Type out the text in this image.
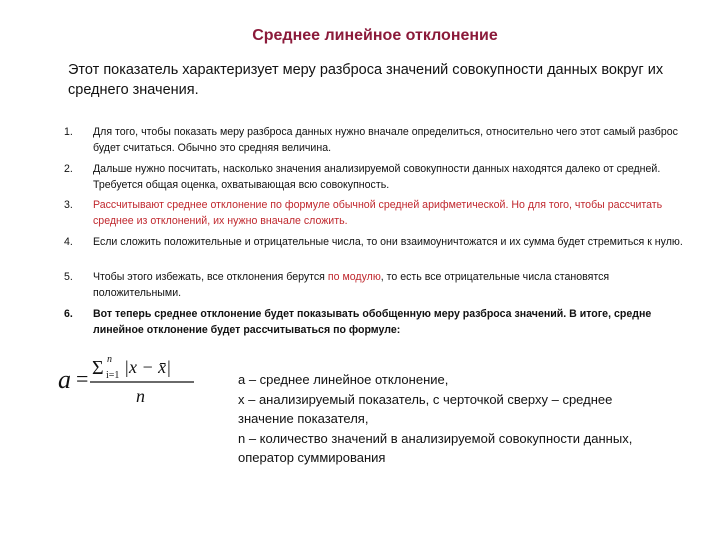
Среднее линейное отклонение
Этот показатель характеризует меру разброса значений совокупности данных вокруг их среднего значения.
1.	Для того, чтобы показать меру разброса данных нужно вначале определиться, относительно чего этот самый разброс будет считаться. Обычно это средняя величина.
2.	Дальше нужно посчитать, насколько значения анализируемой совокупности данных находятся далеко от средней. Требуется общая оценка, охватывающая всю совокупность.
3.	Рассчитывают среднее отклонение по формуле обычной средней арифметической. Но для того, чтобы рассчитать среднее из отклонений, их нужно вначале сложить.
4.	Если сложить положительные и отрицательные числа, то они взаимоуничтожатся и их сумма будет стремиться к нулю.
5.	Чтобы этого избежать, все отклонения берутся по модулю, то есть все отрицательные числа становятся положительными.
6.	Вот теперь среднее отклонение будет показывать обобщенную меру разброса значений. В итоге, средне линейное отклонение будет рассчитываться по формуле:
a = Σ n
i=1 |x − x̄|
n
а – среднее линейное отклонение,
х – анализируемый показатель, с черточкой сверху – среднее
значение показателя,
n – количество значений в анализируемой совокупности данных,
оператор суммирования
